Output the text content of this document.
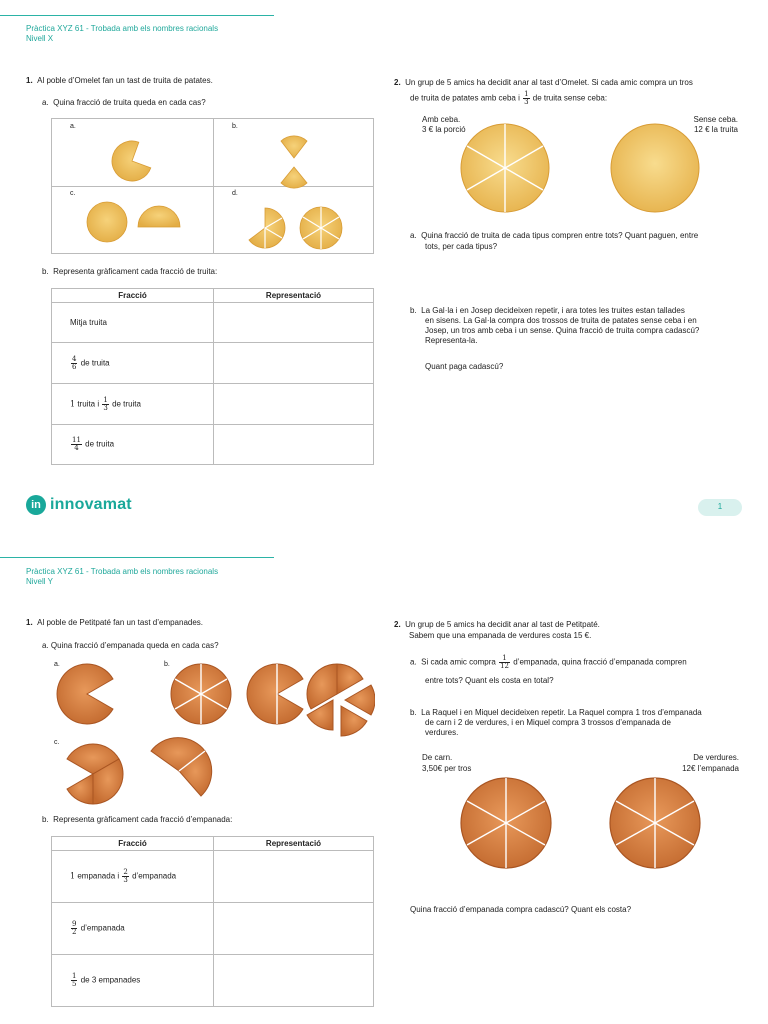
Pràctica XYZ 61 - Trobada amb els nombres racionals
Nivell X
1. Al poble d’Omelet fan un tast de truita de patates.
a. Quina fracció de truita queda en cada cas?
a.	b.
c.	d.
b. Representa gràficament cada fracció de truita:
Fracció	Representació
Mitja truita	

$\frac{4}{6}$ de truita	
1 truita i $\frac{1}{3}$ de truita	

$\frac{11}{4}$ de truita	
2. Un grup de 5 amics ha decidit anar al tast d’Omelet. Si cada amic compra un tros
de truita de patates amb ceba i $\frac{1}{3}$ de truita sense ceba:
Amb ceba.
3 € la porció
Sense ceba.
12 € la truita
a. Quina fracció de truita de cada tipus compren entre tots? Quant paguen, entre
tots, per cada tipus?
b. La Gal·la i en Josep decideixen repetir, i ara totes les truites estan tallades
en sisens. La Gal·la compra dos trossos de truita de patates sense ceba i en
Josep, un tros amb ceba i un sense. Quina fracció de truita compra cadascú?
Representa-la.
Quant paga cadascú?
in innovamat	1
Pràctica XYZ 61 - Trobada amb els nombres racionals
Nivell Y
1. Al poble de Petitpaté fan un tast d’empanades.
a. Quina fracció d’empanada queda en cada cas?
a.	b.
c.
b. Representa gràficament cada fracció d’empanada:
Fracció	Representació
1 empanada i $\frac{2}{3}$ d’empanada	

$\frac{9}{2}$ d’empanada	

$\frac{1}{5}$ de 3 empanades	
2. Un grup de 5 amics ha decidit anar al tast de Petitpaté.
Sabem que una empanada de verdures costa 15 €.
a. Si cada amic compra $\frac{1}{12}$ d’empanada, quina fracció d’empanada compren
entre tots? Quant els costa en total?
b. La Raquel i en Miquel decideixen repetir. La Raquel compra 1 tros d’empanada
de carn i 2 de verdures, i en Miquel compra 3 trossos d’empanada de
verdures.
De carn.
3,50€ per tros
De verdures.
12€ l’empanada
Quina fracció d’empanada compra cadascú? Quant els costa?
